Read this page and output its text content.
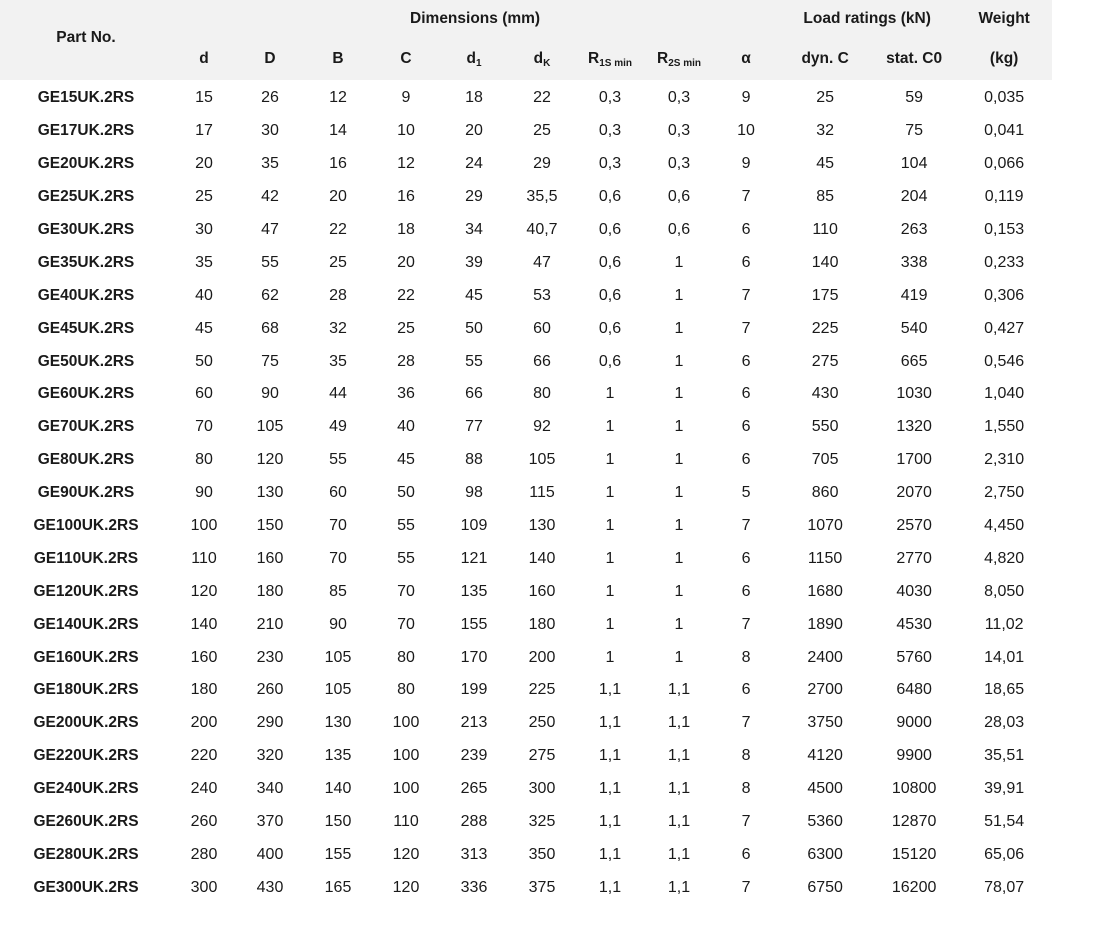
Part No.	Dimensions (mm)									Load ratings (kN)		Weight
	d	D	B	C	d1	dK	R1S min	R2S min	α	dyn. C	stat. C0	(kg)
GE15UK.2RS	15	26	12	9	18	22	0,3	0,3	9	25	59	0,035
GE17UK.2RS	17	30	14	10	20	25	0,3	0,3	10	32	75	0,041
GE20UK.2RS	20	35	16	12	24	29	0,3	0,3	9	45	104	0,066
GE25UK.2RS	25	42	20	16	29	35,5	0,6	0,6	7	85	204	0,119
GE30UK.2RS	30	47	22	18	34	40,7	0,6	0,6	6	110	263	0,153
GE35UK.2RS	35	55	25	20	39	47	0,6	1	6	140	338	0,233
GE40UK.2RS	40	62	28	22	45	53	0,6	1	7	175	419	0,306
GE45UK.2RS	45	68	32	25	50	60	0,6	1	7	225	540	0,427
GE50UK.2RS	50	75	35	28	55	66	0,6	1	6	275	665	0,546
GE60UK.2RS	60	90	44	36	66	80	1	1	6	430	1030	1,040
GE70UK.2RS	70	105	49	40	77	92	1	1	6	550	1320	1,550
GE80UK.2RS	80	120	55	45	88	105	1	1	6	705	1700	2,310
GE90UK.2RS	90	130	60	50	98	115	1	1	5	860	2070	2,750
GE100UK.2RS	100	150	70	55	109	130	1	1	7	1070	2570	4,450
GE110UK.2RS	110	160	70	55	121	140	1	1	6	1150	2770	4,820
GE120UK.2RS	120	180	85	70	135	160	1	1	6	1680	4030	8,050
GE140UK.2RS	140	210	90	70	155	180	1	1	7	1890	4530	11,02
GE160UK.2RS	160	230	105	80	170	200	1	1	8	2400	5760	14,01
GE180UK.2RS	180	260	105	80	199	225	1,1	1,1	6	2700	6480	18,65
GE200UK.2RS	200	290	130	100	213	250	1,1	1,1	7	3750	9000	28,03
GE220UK.2RS	220	320	135	100	239	275	1,1	1,1	8	4120	9900	35,51
GE240UK.2RS	240	340	140	100	265	300	1,1	1,1	8	4500	10800	39,91
GE260UK.2RS	260	370	150	110	288	325	1,1	1,1	7	5360	12870	51,54
GE280UK.2RS	280	400	155	120	313	350	1,1	1,1	6	6300	15120	65,06
GE300UK.2RS	300	430	165	120	336	375	1,1	1,1	7	6750	16200	78,07
